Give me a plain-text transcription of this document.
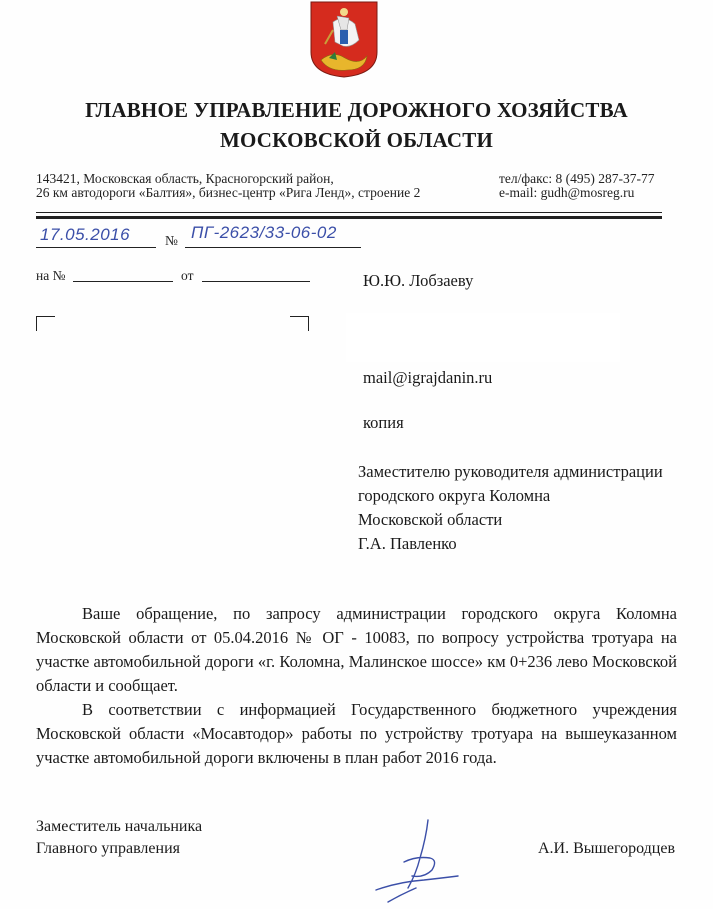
ГЛАВНОЕ УПРАВЛЕНИЕ ДОРОЖНОГО ХОЗЯЙСТВА
МОСКОВСКОЙ ОБЛАСТИ
143421, Московская область, Красногорский район,
26 км автодороги «Балтия», бизнес-центр «Рига Ленд», строение 2
тел/факс: 8 (495) 287-37-77
e-mail: gudh@mosreg.ru
17.05.2016	№ ПГ-2623/33-06-02
на №	от	Ю.Ю. Лобзаеву
mail@igrajdanin.ru
копия
Заместителю руководителя администрации
городского округа Коломна
Московской области
Г.А. Павленко

Ваше обращение, по запросу администрации городского округа Коломна Московской области от 05.04.2016 № ОГ - 10083, по вопросу устройства тротуара на участке автомобильной дороги «г. Коломна, Малинское шоссе» км 0+236 лево Московской области и сообщает.

В соответствии с информацией Государственного бюджетного учреждения Московской области «Мосавтодор» работы по устройству тротуара на вышеуказанном участке автомобильной дороги включены в план работ 2016 года.

Заместитель начальника
Главного управления	А.И. Вышегородцев
